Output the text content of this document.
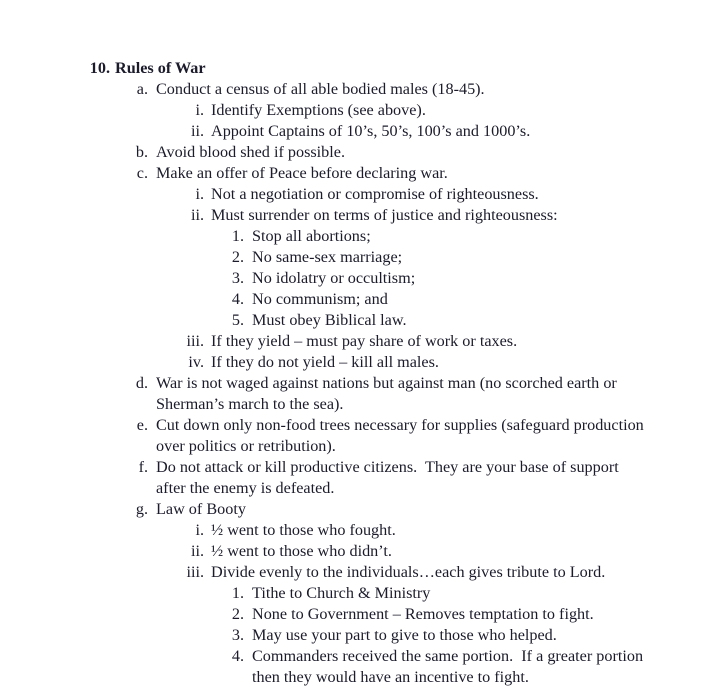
10. Rules of War
a. Conduct a census of all able bodied males (18-45).
i. Identify Exemptions (see above).
ii. Appoint Captains of 10’s, 50’s, 100’s and 1000’s.
b. Avoid blood shed if possible.
c. Make an offer of Peace before declaring war.
i. Not a negotiation or compromise of righteousness.
ii. Must surrender on terms of justice and righteousness:
1. Stop all abortions;
2. No same-sex marriage;
3. No idolatry or occultism;
4. No communism; and
5. Must obey Biblical law.
iii. If they yield – must pay share of work or taxes.
iv. If they do not yield – kill all males.
d. War is not waged against nations but against man (no scorched earth or Sherman’s march to the sea).
e. Cut down only non-food trees necessary for supplies (safeguard production over politics or retribution).
f. Do not attack or kill productive citizens.  They are your base of support after the enemy is defeated.
g. Law of Booty
i. ½ went to those who fought.
ii. ½ went to those who didn’t.
iii. Divide evenly to the individuals…each gives tribute to Lord.
1. Tithe to Church & Ministry
2. None to Government – Removes temptation to fight.
3. May use your part to give to those who helped.
4. Commanders received the same portion.  If a greater portion then they would have an incentive to fight.
